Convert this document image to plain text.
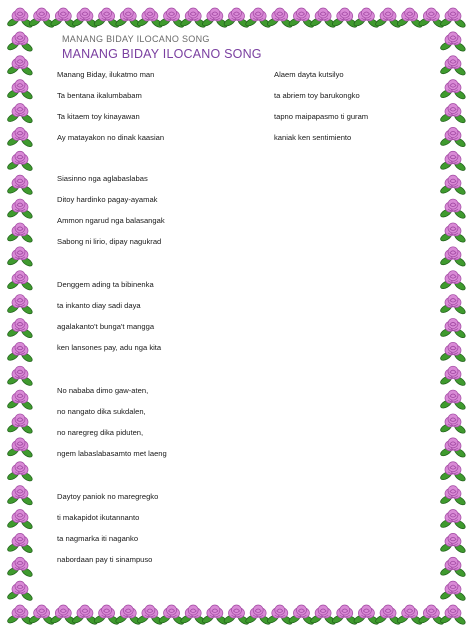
MANANG BIDAY ILOCANO SONG
MANANG BIDAY ILOCANO SONG
Manang Biday, ilukatmo man	Alaem dayta kutsilyo
Ta bentana ikalumbabam	ta abriem toy barukongko
Ta kitaem toy kinayawan	tapno maipapasmo ti guram
Ay matayakon no dinak kaasian	kaniak ken sentimiento
Siasinno nga aglabaslabas
Ditoy hardinko pagay-ayamak
Ammon ngarud nga balasangak
Sabong ni lirio, dipay nagukrad
Denggem ading ta bibinenka
ta inkanto diay sadi daya
agalakanto't bunga't mangga
ken lansones pay, adu nga kita
No nababa dimo gaw-aten,
no nangato dika sukdalen,
no naregreg dika piduten,
ngem labaslabasamto met laeng
Daytoy paniok no maregregko
ti makapidot ikutannanto
ta nagmarka iti naganko
nabordaan pay ti sinampuso
